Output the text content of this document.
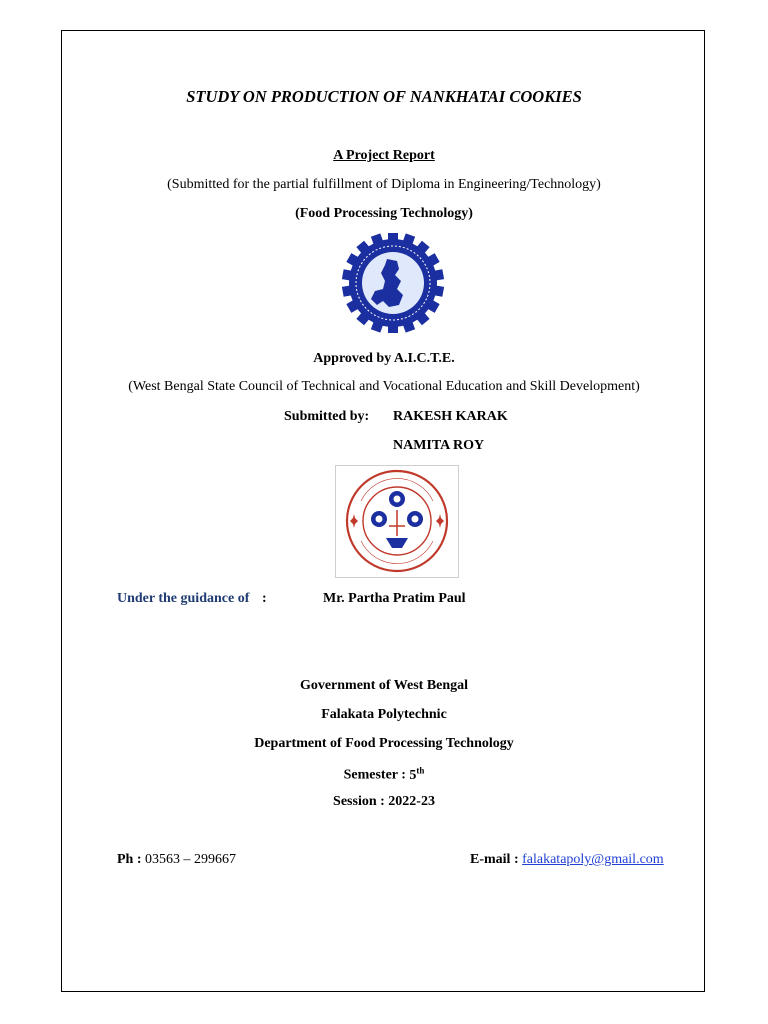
STUDY ON PRODUCTION OF NANKHATAI COOKIES
A Project Report
(Submitted for the partial fulfillment of Diploma in Engineering/Technology)
(Food Processing Technology)
Approved by A.I.C.T.E.
(West Bengal State Council of Technical and Vocational Education and Skill Development)
Submitted by: RAKESH KARAK
NAMITA ROY
Under the guidance of :	Mr. Partha Pratim Paul
Government of West Bengal
Falakata Polytechnic
Department of Food Processing Technology
Semester : 5th
Session : 2022-23
Ph : 03563 – 299667	E-mail : falakatapoly@gmail.com
